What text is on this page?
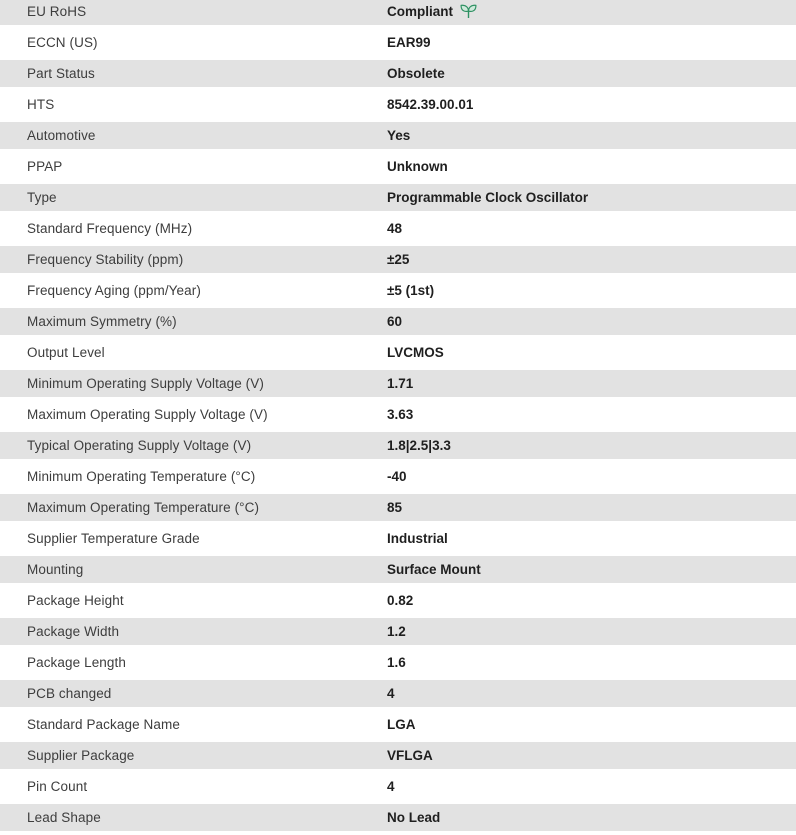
EU RoHS	Compliant
ECCN (US)	EAR99
Part Status	Obsolete
HTS	8542.39.00.01
Automotive	Yes
PPAP	Unknown
Type	Programmable Clock Oscillator
Standard Frequency (MHz)	48
Frequency Stability (ppm)	±25
Frequency Aging (ppm/Year)	±5 (1st)
Maximum Symmetry (%)	60
Output Level	LVCMOS
Minimum Operating Supply Voltage (V)	1.71
Maximum Operating Supply Voltage (V)	3.63
Typical Operating Supply Voltage (V)	1.8|2.5|3.3
Minimum Operating Temperature (°C)	-40
Maximum Operating Temperature (°C)	85
Supplier Temperature Grade	Industrial
Mounting	Surface Mount
Package Height	0.82
Package Width	1.2
Package Length	1.6
PCB changed	4
Standard Package Name	LGA
Supplier Package	VFLGA
Pin Count	4
Lead Shape	No Lead
